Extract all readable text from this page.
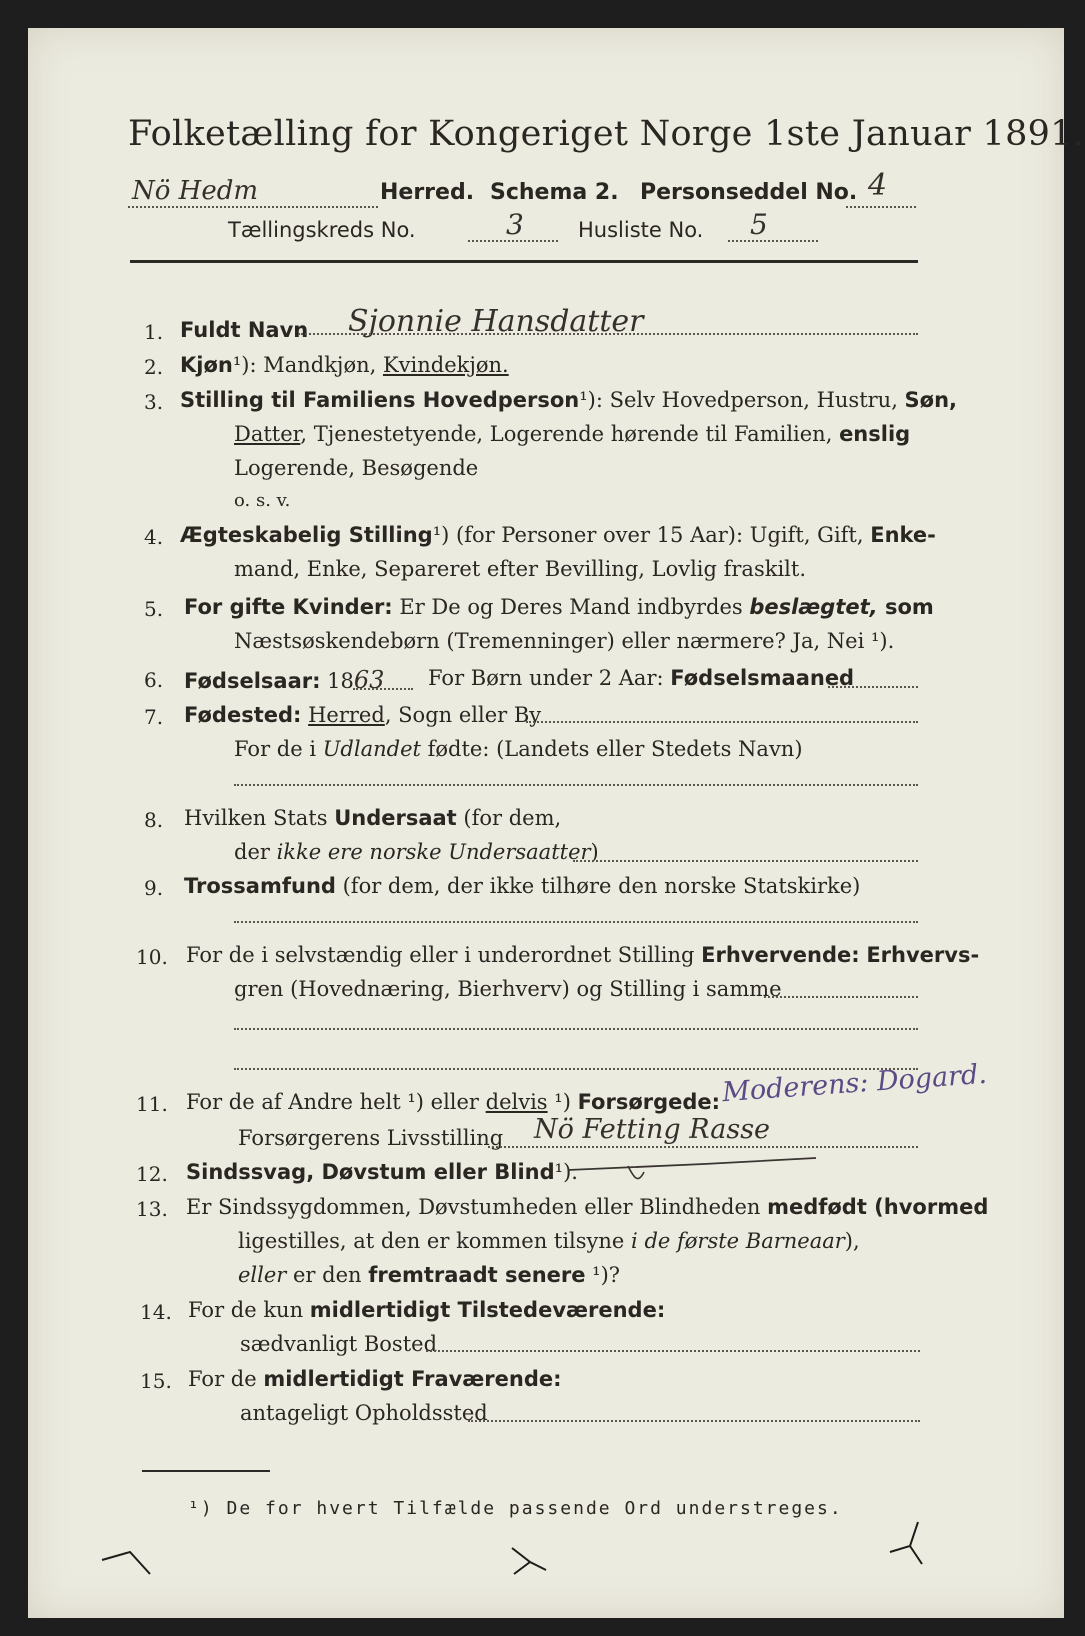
Folketælling for Kongeriget Norge 1ste Januar 1891.
Nö Hedm	Herred. Schema 2. Personseddel No. 4
Tællingskreds No.	3	Husliste No. 5
1. Fuldt Navn Sjonnie Hansdatter
2. Kjøn¹): Mandkjøn, Kvindekjøn.
3. Stilling til Familiens Hovedperson¹): Selv Hovedperson, Hustru, Søn,
Datter, Tjenestetyende, Logerende hørende til Familien, enslig
Logerende, Besøgende
o. s. v.
4. Ægteskabelig Stilling¹) (for Personer over 15 Aar): Ugift, Gift, Enke-
mand, Enke, Separeret efter Bevilling, Lovlig fraskilt.
5. For gifte Kvinder: Er De og Deres Mand indbyrdes beslægtet, som
Næstsøskendebørn (Tremenninger) eller nærmere? Ja, Nei ¹).
6. Fødselsaar: 1863 For Børn under 2 Aar: Fødselsmaaned
7. Fødested: Herred, Sogn eller By
For de i Udlandet fødte: (Landets eller Stedets Navn)
8. Hvilken Stats Undersaat (for dem,
der ikke ere norske Undersaatter)
9. Trossamfund (for dem, der ikke tilhøre den norske Statskirke)
10. For de i selvstændig eller i underordnet Stilling Erhvervende: Erhvervs-
gren (Hovednæring, Bierhverv) og Stilling i samme
11. For de af Andre helt ¹) eller delvis ¹) Forsørgede: Moderens: Dogard.
Forsørgerens Livsstilling Nö Fetting Rasse
12. Sindssvag, Døvstum eller Blind¹).
13. Er Sindssygdommen, Døvstumheden eller Blindheden medfødt (hvormed
ligestilles, at den er kommen tilsyne i de første Barneaar),
eller er den fremtraadt senere ¹)?
14. For de kun midlertidigt Tilstedeværende:
sædvanligt Bosted
15. For de midlertidigt Fraværende:
antageligt Opholdssted
¹) De for hvert Tilfælde passende Ord understreges.
